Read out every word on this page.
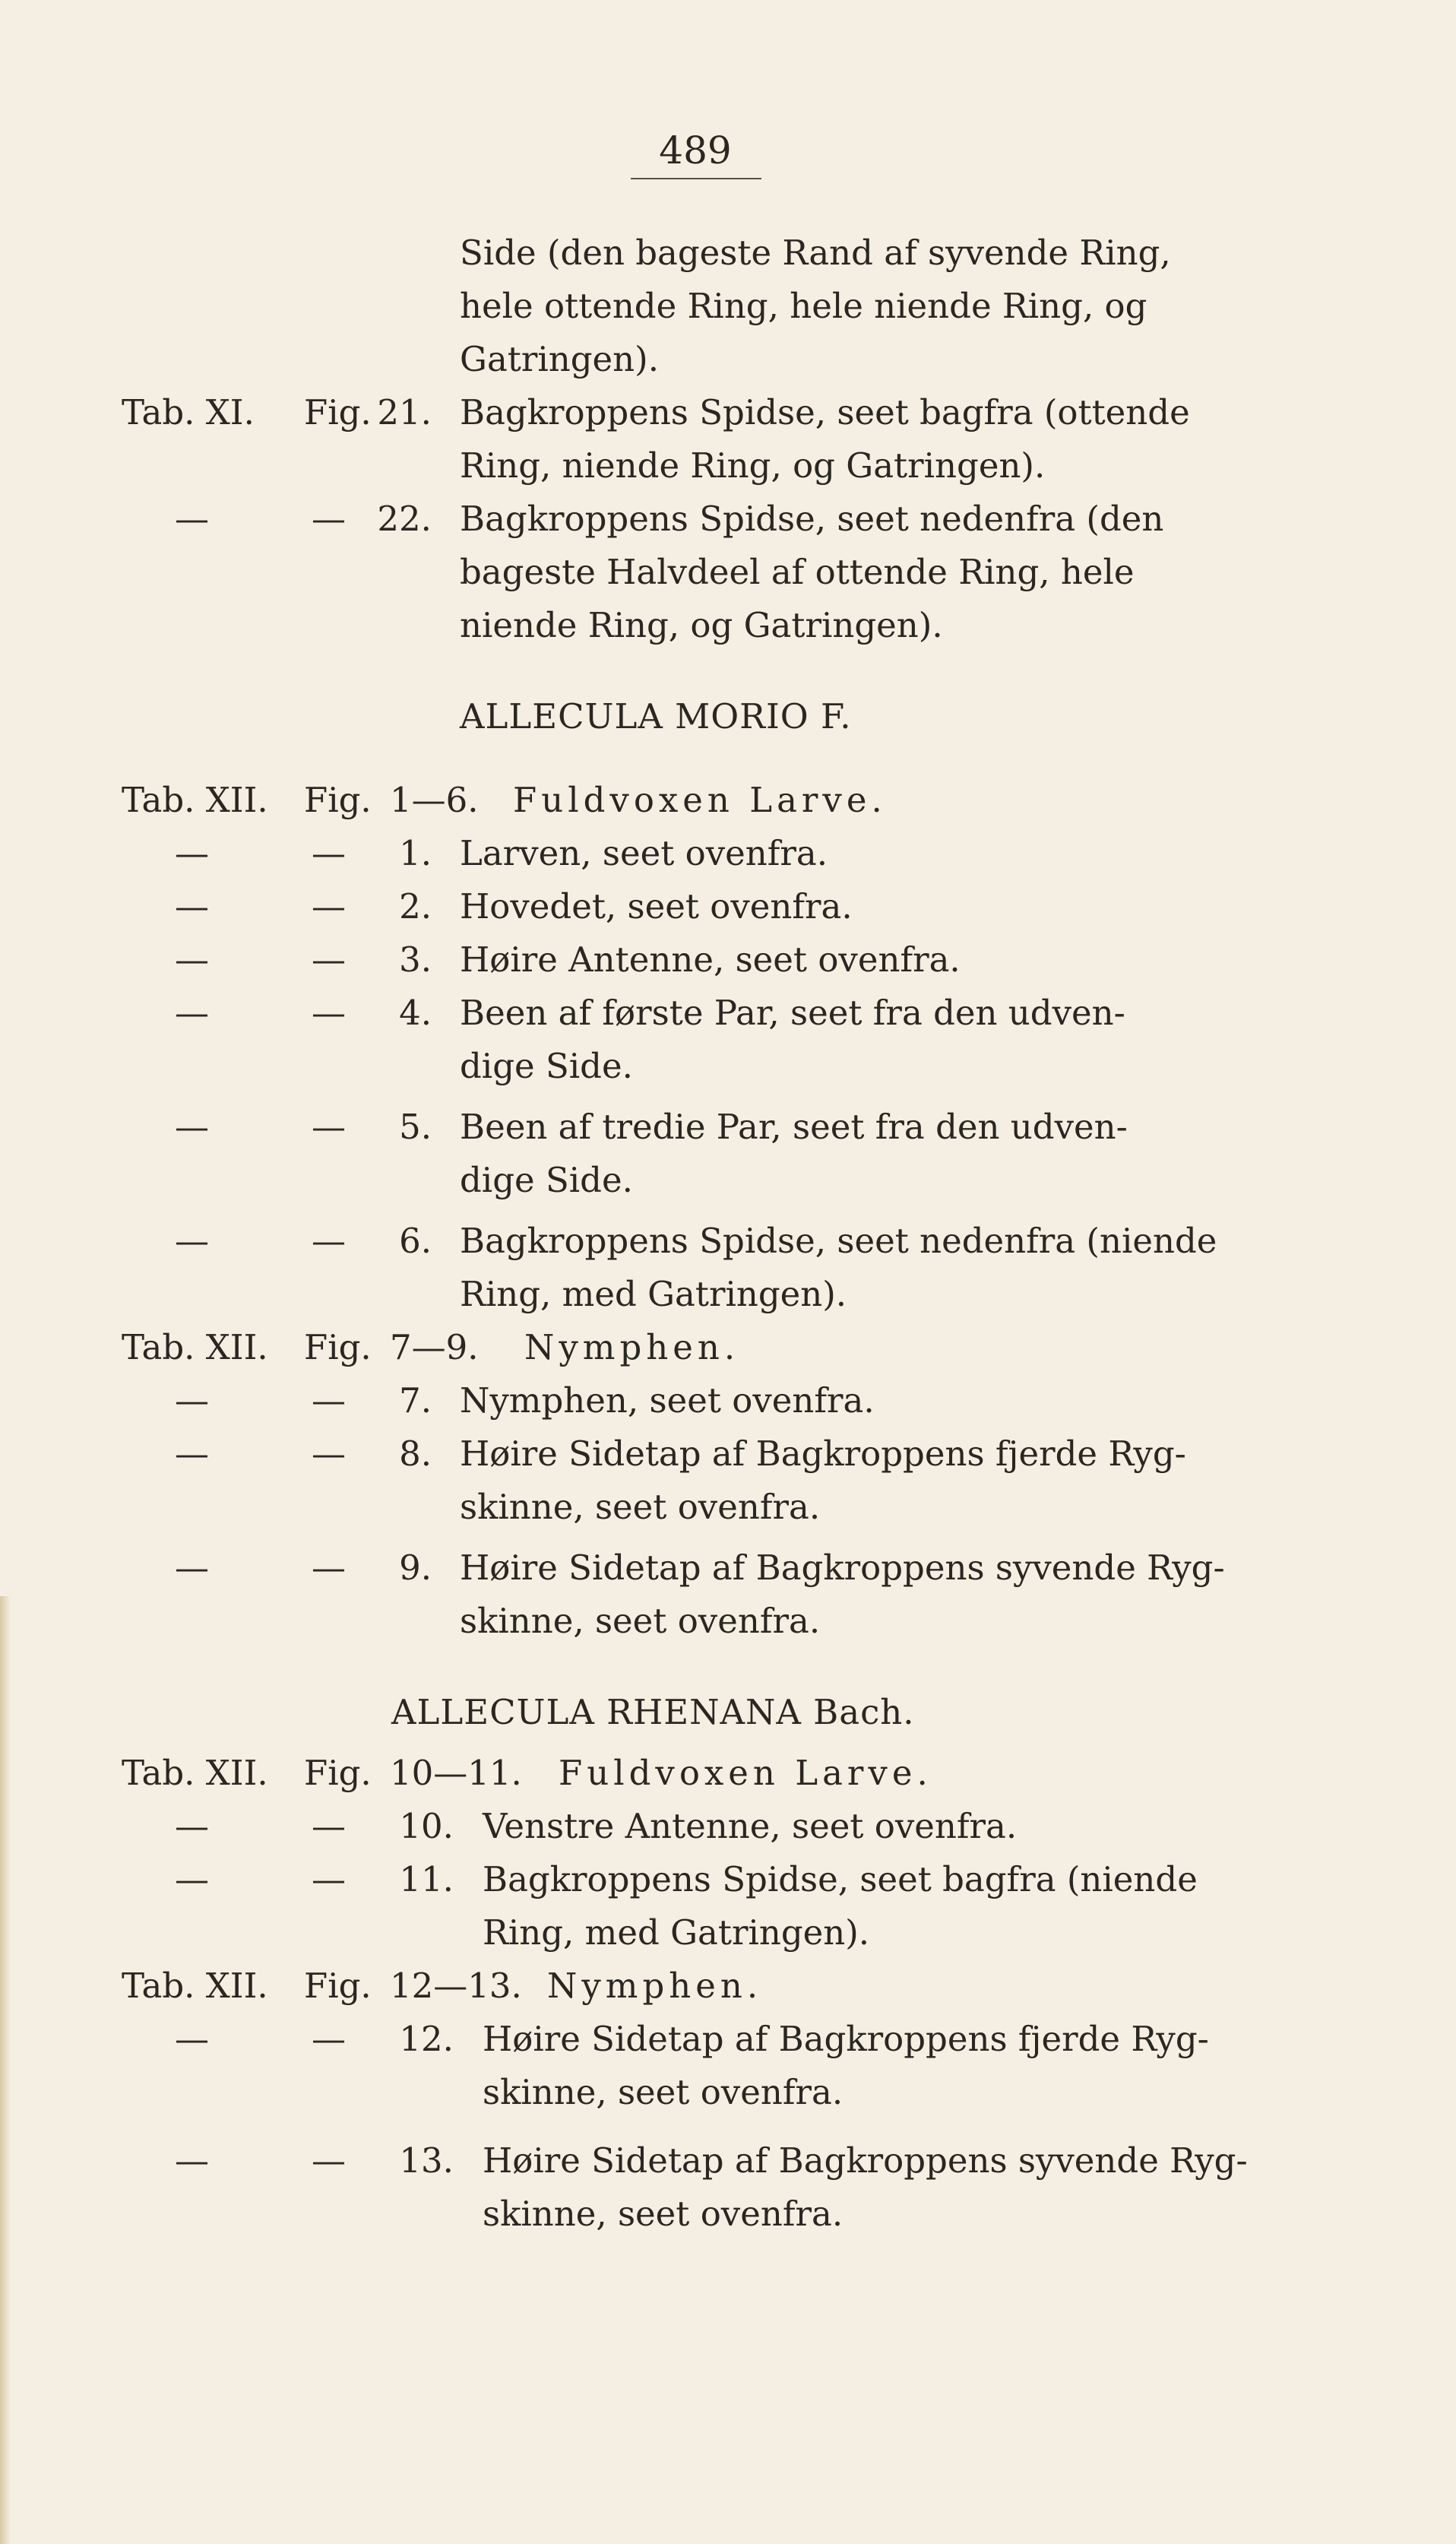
489
Side (den bageste Rand af syvende Ring,
hele ottende Ring, hele niende Ring, og
Gatringen).
Tab. XI. Fig. 21. Bagkroppens Spidse, seet bagfra (ottende
Ring, niende Ring, og Gatringen).
—	— 22. Bagkroppens Spidse, seet nedenfra (den
bageste Halvdeel af ottende Ring, hele
niende Ring, og Gatringen).
ALLECULA MORIO F.
Tab. XII. Fig. 1—6. Fuldvoxen Larve.
—	—	1. Larven, seet ovenfra.
—	—	2. Hovedet, seet ovenfra.
—	—	3. Høire Antenne, seet ovenfra.
—	—	4. Been af første Par, seet fra den udven-
dige Side.
—	—	5. Been af tredie Par, seet fra den udven-
dige Side.
—	—	6. Bagkroppens Spidse, seet nedenfra (niende
Ring, med Gatringen).
Tab. XII. Fig. 7—9. Nymphen.
—	—	7. Nymphen, seet ovenfra.
—	—	8. Høire Sidetap af Bagkroppens fjerde Ryg-
skinne, seet ovenfra.
—	—	9. Høire Sidetap af Bagkroppens syvende Ryg-
skinne, seet ovenfra.
ALLECULA RHENANA Bach.
Tab. XII. Fig. 10—11. Fuldvoxen Larve.
—	—	10. Venstre Antenne, seet ovenfra.
—	—	11. Bagkroppens Spidse, seet bagfra (niende
Ring, med Gatringen).
Tab. XII. Fig. 12—13. Nymphen.
—	—	12. Høire Sidetap af Bagkroppens fjerde Ryg-
skinne, seet ovenfra.
—	—	13. Høire Sidetap af Bagkroppens syvende Ryg-
skinne, seet ovenfra.
